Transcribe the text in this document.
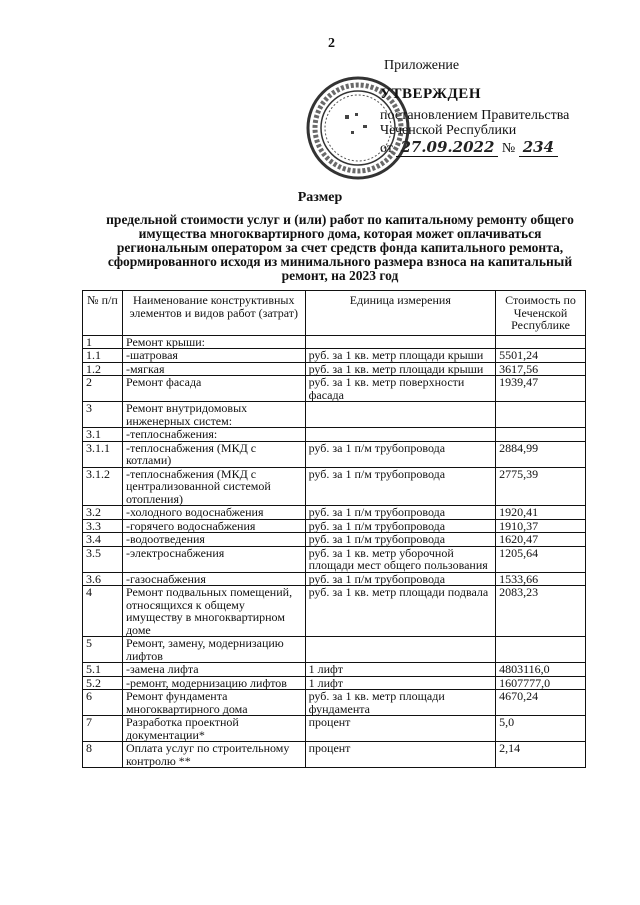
2
Приложение
УТВЕРЖДЕН
постановлением Правительства
Чеченской Республики
от 27.09.2022 № 234
Размер
предельной стоимости услуг и (или) работ по капитальному ремонту общего имущества многоквартирного дома, которая может оплачиваться региональным оператором за счет средств фонда капитального ремонта, сформированного исходя из минимального размера взноса на капитальный ремонт, на 2023 год
№ п/п	Наименование конструктивных элементов и видов работ (затрат)	Единица измерения	Стоимость по Чеченской Республике
1	Ремонт крыши:		
1.1	-шатровая	руб. за 1 кв. метр площади крыши	5501,24
1.2	-мягкая	руб. за 1 кв. метр площади крыши	3617,56
2	Ремонт фасада	руб. за 1 кв. метр поверхности фасада	1939,47
3	Ремонт внутридомовых инженерных систем:		
3.1	-теплоснабжения:		
3.1.1	-теплоснабжения (МКД с котлами)	руб. за 1 п/м трубопровода	2884,99
3.1.2	-теплоснабжения (МКД с централизованной системой отопления)	руб. за 1 п/м трубопровода	2775,39
3.2	-холодного водоснабжения	руб. за 1 п/м трубопровода	1920,41
3.3	-горячего водоснабжения	руб. за 1 п/м трубопровода	1910,37
3.4	-водоотведения	руб. за 1 п/м трубопровода	1620,47
3.5	-электроснабжения	руб. за 1 кв. метр уборочной площади мест общего пользования	1205,64
3.6	-газоснабжения	руб. за 1 п/м трубопровода	1533,66
4	Ремонт подвальных помещений, относящихся к общему имуществу в многоквартирном доме	руб. за 1 кв. метр площади подвала	2083,23
5	Ремонт, замену, модернизацию лифтов		
5.1	-замена лифта	1 лифт	4803116,0
5.2	-ремонт, модернизацию лифтов	1 лифт	1607777,0
6	Ремонт фундамента многоквартирного дома	руб. за 1 кв. метр площади фундамента	4670,24
7	Разработка проектной документации*	процент	5,0
8	Оплата услуг по строительному контролю **	процент	2,14
